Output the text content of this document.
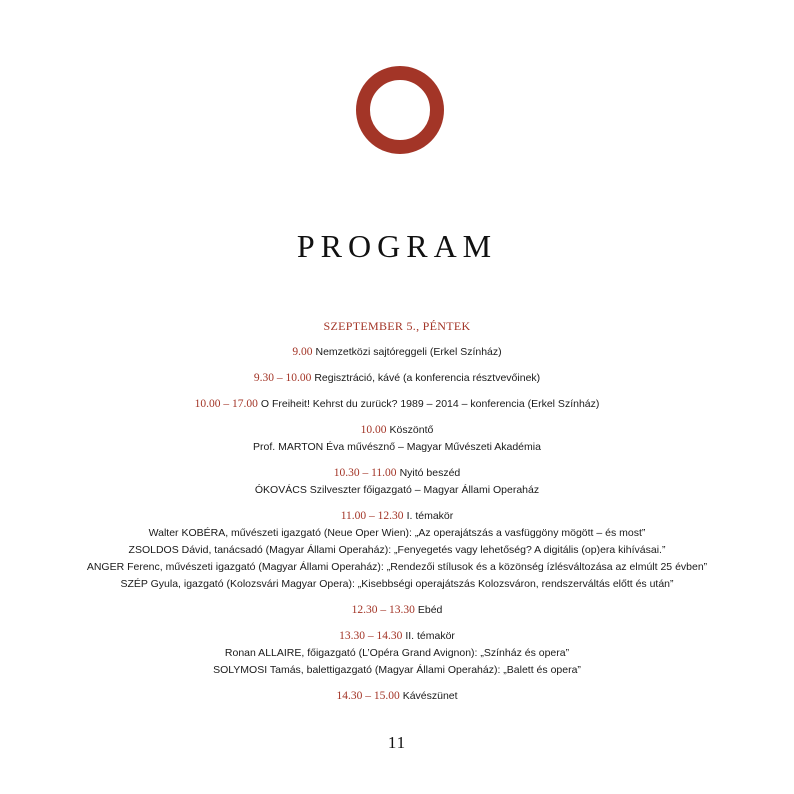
PROGRAM
SZEPTEMBER 5., PÉNTEK
9.00 Nemzetközi sajtóreggeli (Erkel Színház)
9.30 – 10.00 Regisztráció, kávé (a konferencia résztvevőinek)
10.00 – 17.00 O Freiheit! Kehrst du zurück? 1989 – 2014 – konferencia (Erkel Színház)
10.00 Köszöntő
Prof. MARTON Éva művésznő – Magyar Művészeti Akadémia
10.30 – 11.00 Nyitó beszéd
ÓKOVÁCS Szilveszter főigazgató – Magyar Állami Operaház
11.00 – 12.30 I. témakör
Walter KOBÉRA, művészeti igazgató (Neue Oper Wien): „Az operajátszás a vasfüggöny mögött – és most”
ZSOLDOS Dávid, tanácsadó (Magyar Állami Operaház): „Fenyegetés vagy lehetőség? A digitális (op)era kihívásai.”
ANGER Ferenc, művészeti igazgató (Magyar Állami Operaház): „Rendezői stílusok és a közönség ízlésváltozása az elmúlt 25 évben”
SZÉP Gyula, igazgató (Kolozsvári Magyar Opera): „Kisebbségi operajátszás Kolozsváron, rendszerváltás előtt és után”
12.30 – 13.30 Ebéd
13.30 – 14.30 II. témakör
Ronan ALLAIRE, főigazgató (L’Opéra Grand Avignon): „Színház és opera”
SOLYMOSI Tamás, balettigazgató (Magyar Állami Operaház): „Balett és opera”
14.30 – 15.00 Kávészünet
11
